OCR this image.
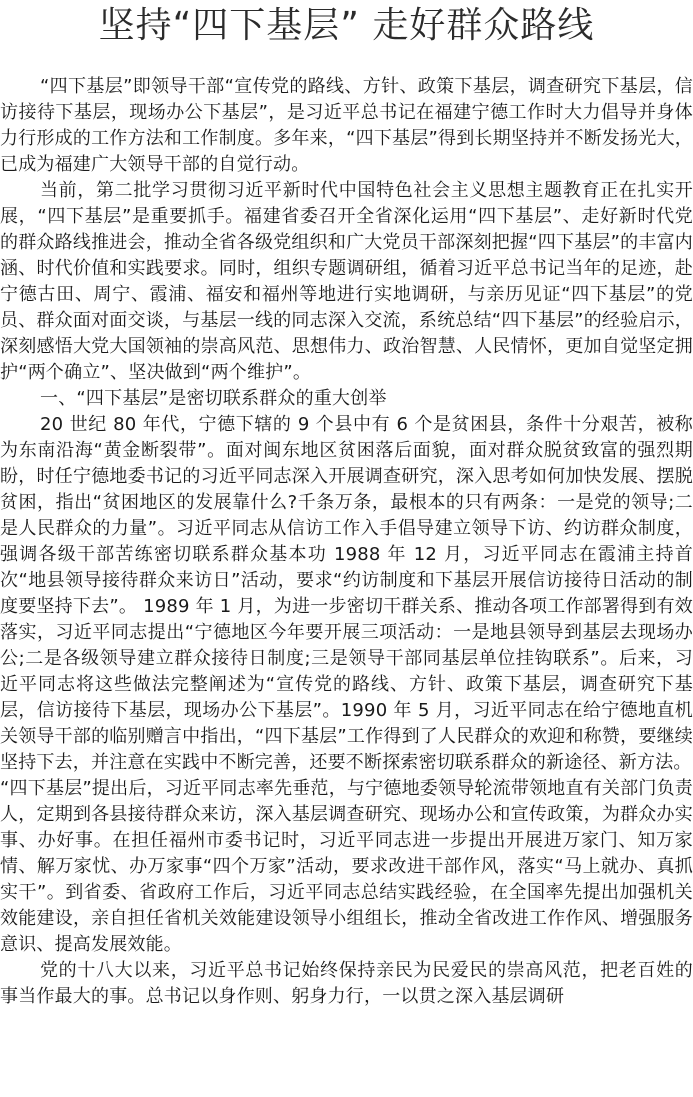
坚持“四下基层” 走好群众路线

“四下基层”即领导干部“宣传党的路线、方针、政策下基层，调查研究下基层，信访接待下基层，现场办公下基层”，是习近平总书记在福建宁德工作时大力倡导并身体力行形成的工作方法和工作制度。多年来，“四下基层”得到长期坚持并不断发扬光大，已成为福建广大领导干部的自觉行动。

当前，第二批学习贯彻习近平新时代中国特色社会主义思想主题教育正在扎实开展，“四下基层”是重要抓手。福建省委召开全省深化运用“四下基层”、走好新时代党的群众路线推进会，推动全省各级党组织和广大党员干部深刻把握“四下基层”的丰富内涵、时代价值和实践要求。同时，组织专题调研组，循着习近平总书记当年的足迹，赴宁德古田、周宁、霞浦、福安和福州等地进行实地调研，与亲历见证“四下基层”的党员、群众面对面交谈，与基层一线的同志深入交流，系统总结“四下基层”的经验启示，深刻感悟大党大国领袖的崇高风范、思想伟力、政治智慧、人民情怀，更加自觉坚定拥护“两个确立”、坚决做到“两个维护”。

一、“四下基层”是密切联系群众的重大创举

20 世纪 80 年代，宁德下辖的 9 个县中有 6 个是贫困县，条件十分艰苦，被称为东南沿海“黄金断裂带”。面对闽东地区贫困落后面貌，面对群众脱贫致富的强烈期盼，时任宁德地委书记的习近平同志深入开展调查研究，深入思考如何加快发展、摆脱贫困，指出“贫困地区的发展靠什么?千条万条，最根本的只有两条：一是党的领导;二是人民群众的力量”。习近平同志从信访工作入手倡导建立领导下访、约访群众制度，强调各级干部苦练密切联系群众基本功 1988 年 12 月，习近平同志在霞浦主持首次“地县领导接待群众来访日”活动，要求“约访制度和下基层开展信访接待日活动的制度要坚持下去”。 1989 年 1 月，为进一步密切干群关系、推动各项工作部署得到有效落实，习近平同志提出“宁德地区今年要开展三项活动：一是地县领导到基层去现场办公;二是各级领导建立群众接待日制度;三是领导干部同基层单位挂钩联系”。后来，习近平同志将这些做法完整阐述为“宣传党的路线、方针、政策下基层，调查研究下基层，信访接待下基层，现场办公下基层”。1990 年 5 月，习近平同志在给宁德地直机关领导干部的临别赠言中指出，“四下基层”工作得到了人民群众的欢迎和称赞，要继续坚持下去，并注意在实践中不断完善，还要不断探索密切联系群众的新途径、新方法。

“四下基层”提出后，习近平同志率先垂范，与宁德地委领导轮流带领地直有关部门负责人，定期到各县接待群众来访，深入基层调查研究、现场办公和宣传政策，为群众办实事、办好事。在担任福州市委书记时，习近平同志进一步提出开展进万家门、知万家情、解万家忧、办万家事“四个万家”活动，要求改进干部作风，落实“马上就办、真抓实干”。到省委、省政府工作后，习近平同志总结实践经验，在全国率先提出加强机关效能建设，亲自担任省机关效能建设领导小组组长，推动全省改进工作作风、增强服务意识、提高发展效能。

党的十八大以来，习近平总书记始终保持亲民为民爱民的崇高风范，把老百姓的事当作最大的事。总书记以身作则、躬身力行，一以贯之深入基层调研
